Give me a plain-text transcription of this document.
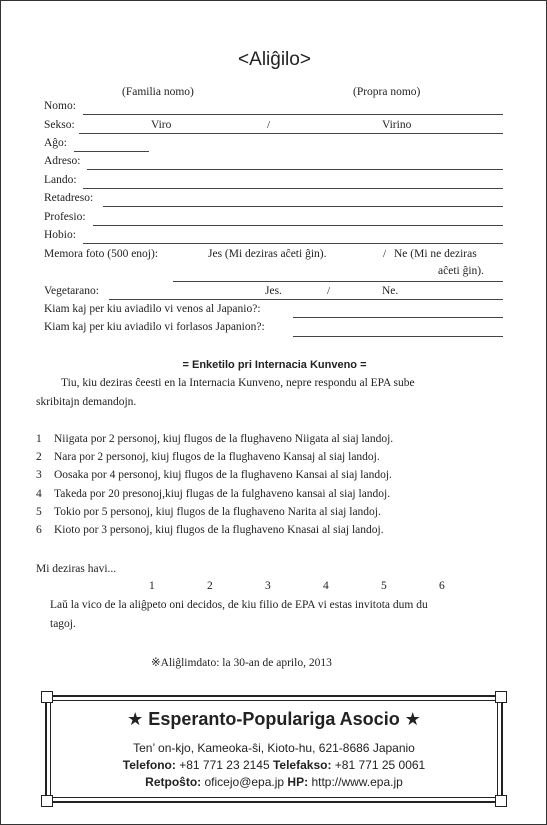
<Aliĝilo>
(Familia nomo)	(Propra nomo)
Nomo:
Sekso:	Viro	/	Virino
Aĝo:
Adreso:
Lando:
Retadreso:
Profesio:
Hobio:
Memora foto (500 enoj):	Jes (Mi deziras aĉeti ĝin).	/ Ne (Mi ne deziras
aĉeti ĝin).
Vegetarano:	Jes.	/	Ne.
Kiam kaj per kiu aviadilo vi venos al Japanio?:
Kiam kaj per kiu aviadilo vi forlasos Japanion?:
= Enketilo pri Internacia Kunveno =
Tiu, kiu deziras ĉeesti en la Internacia Kunveno, nepre respondu al EPA sube
skribitajn demandojn.
1 Niigata por 2 personoj, kiuj flugos de la flughaveno Niigata al siaj landoj.
2 Nara por 2 personoj, kiuj flugos de la flughaveno Kansaj al siaj landoj.
3 Oosaka por 4 personoj, kiuj flugos de la flughaveno Kansai al siaj landoj.
4 Takeda por 20 presonoj,kiuj flugas de la fulghaveno kansai al siaj landoj.
5 Tokio por 5 personoj, kiuj flugos de la flughaveno Narita al siaj landoj.
6 Kioto por 3 personoj, kiuj flugos de la flughaveno Knasai al siaj landoj.
Mi deziras havi...
1	2	3	4	5	6
Laŭ la vico de la aliĝpeto oni decidos, de kiu filio de EPA vi estas invitota dum du
tagoj.
※Aliĝlimdato: la 30-an de aprilo, 2013
★ Esperanto-Populariga Asocio ★
Ten’ on-kjo, Kameoka-ŝi, Kioto-hu, 621-8686 Japanio
Telefono: +81 771 23 2145 Telefakso: +81 771 25 0061
Retpoŝto: oficejo@epa.jp HP: http://www.epa.jp
